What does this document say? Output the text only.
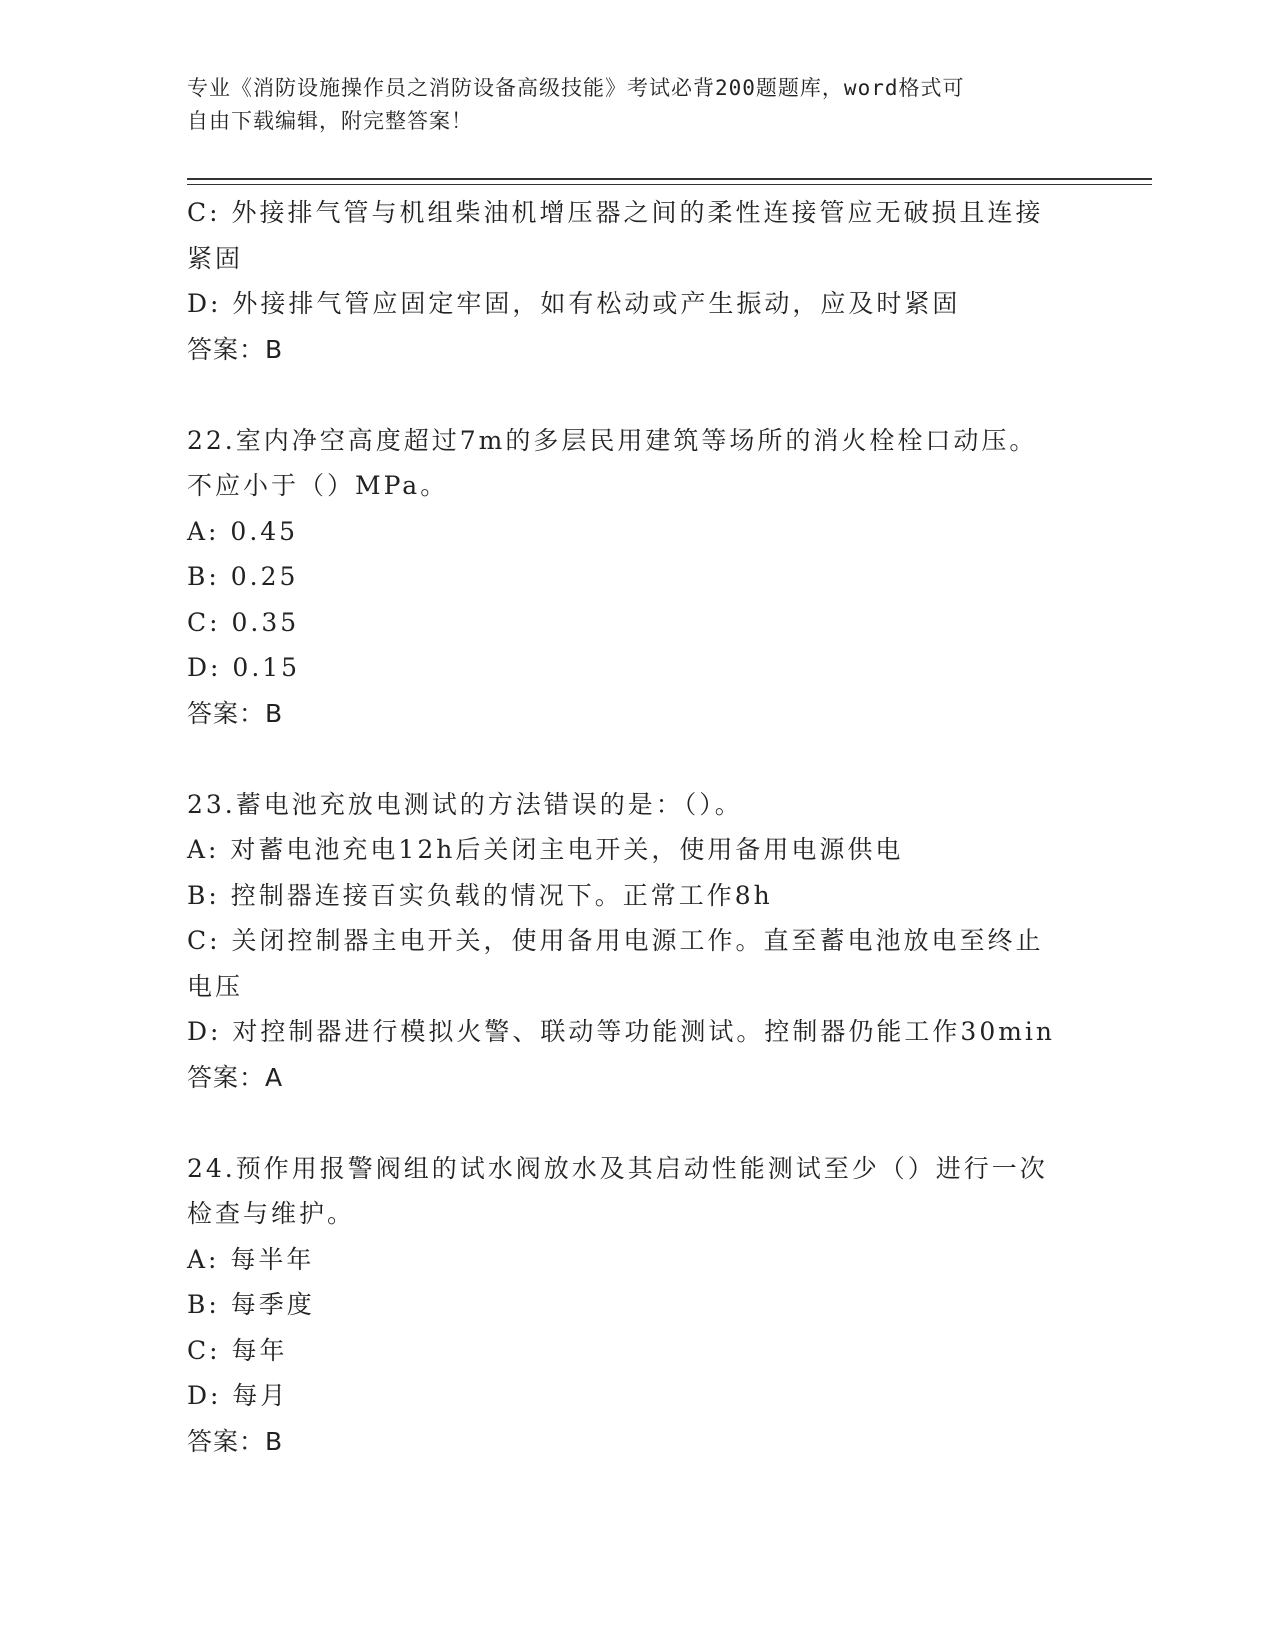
专业《消防设施操作员之消防设备高级技能》考试必背200题题库，word格式可
自由下载编辑，附完整答案！
C: 外接排气管与机组柴油机增压器之间的柔性连接管应无破损且连接
紧固
D: 外接排气管应固定牢固，如有松动或产生振动，应及时紧固
答案：B
22.室内净空高度超过7m的多层民用建筑等场所的消火栓栓口动压。
不应小于（）MPa。
A: 0.45
B: 0.25
C: 0.35
D: 0.15
答案：B
23.蓄电池充放电测试的方法错误的是：（）。
A: 对蓄电池充电12h后关闭主电开关，使用备用电源供电
B: 控制器连接百实负载的情况下。正常工作8h
C: 关闭控制器主电开关，使用备用电源工作。直至蓄电池放电至终止
电压
D: 对控制器进行模拟火警、联动等功能测试。控制器仍能工作30min
答案：A
24.预作用报警阀组的试水阀放水及其启动性能测试至少（）进行一次
检查与维护。
A: 每半年
B: 每季度
C: 每年
D: 每月
答案：B
